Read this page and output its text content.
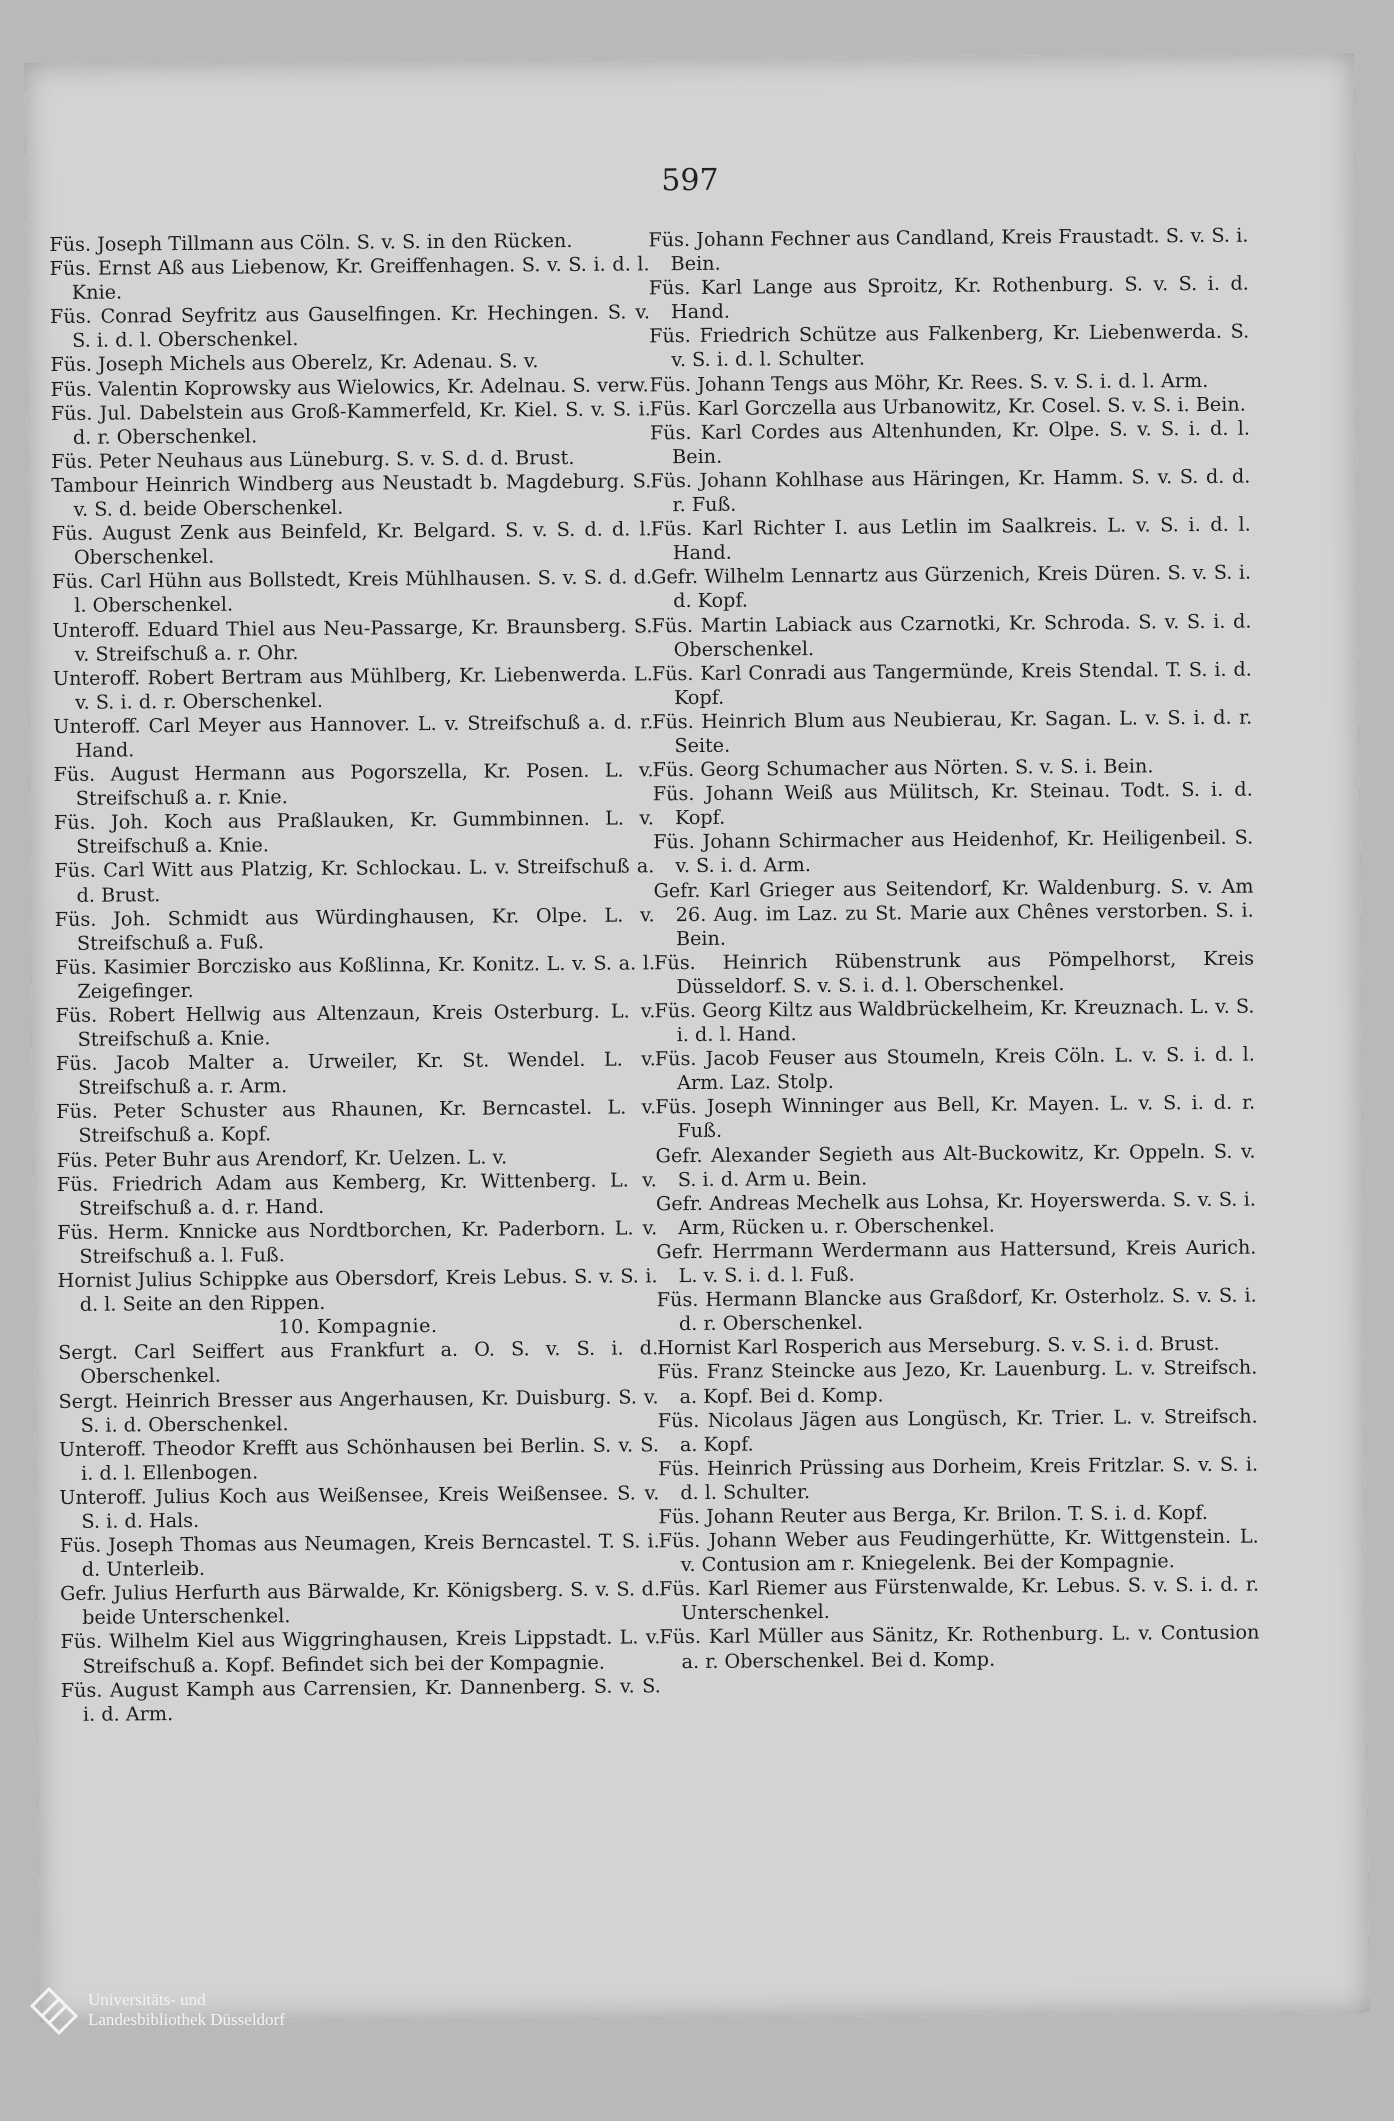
597

Füs. Joseph Tillmann aus Cöln. S. v. S. in den Rücken.

Füs. Ernst Aß aus Liebenow, Kr. Greiffenhagen. S. v. S. i. d. l. Knie.

Füs. Conrad Seyfritz aus Gauselfingen. Kr. Hechingen. S. v. S. i. d. l. Oberschenkel.

Füs. Joseph Michels aus Oberelz, Kr. Adenau. S. v.

Füs. Valentin Koprowsky aus Wielowics, Kr. Adelnau. S. verw.

Füs. Jul. Dabelstein aus Groß-Kammerfeld, Kr. Kiel. S. v. S. i. d. r. Oberschenkel.

Füs. Peter Neuhaus aus Lüneburg. S. v. S. d. d. Brust.

Tambour Heinrich Windberg aus Neustadt b. Magdeburg. S. v. S. d. beide Oberschenkel.

Füs. August Zenk aus Beinfeld, Kr. Belgard. S. v. S. d. d. l. Oberschenkel.

Füs. Carl Hühn aus Bollstedt, Kreis Mühlhausen. S. v. S. d. d. l. Oberschenkel.

Unteroff. Eduard Thiel aus Neu-Passarge, Kr. Braunsberg. S. v. Streifschuß a. r. Ohr.

Unteroff. Robert Bertram aus Mühlberg, Kr. Liebenwerda. L. v. S. i. d. r. Oberschenkel.

Unteroff. Carl Meyer aus Hannover. L. v. Streifschuß a. d. r. Hand.

Füs. August Hermann aus Pogorszella, Kr. Posen. L. v. Streifschuß a. r. Knie.

Füs. Joh. Koch aus Praßlauken, Kr. Gummbinnen. L. v. Streifschuß a. Knie.

Füs. Carl Witt aus Platzig, Kr. Schlockau. L. v. Streifschuß a. d. Brust.

Füs. Joh. Schmidt aus Würdinghausen, Kr. Olpe. L. v. Streifschuß a. Fuß.

Füs. Kasimier Borczisko aus Koßlinna, Kr. Konitz. L. v. S. a. l. Zeigefinger.

Füs. Robert Hellwig aus Altenzaun, Kreis Osterburg. L. v. Streifschuß a. Knie.

Füs. Jacob Malter a. Urweiler, Kr. St. Wendel. L. v. Streifschuß a. r. Arm.

Füs. Peter Schuster aus Rhaunen, Kr. Berncastel. L. v. Streifschuß a. Kopf.

Füs. Peter Buhr aus Arendorf, Kr. Uelzen. L. v.

Füs. Friedrich Adam aus Kemberg, Kr. Wittenberg. L. v. Streifschuß a. d. r. Hand.

Füs. Herm. Knnicke aus Nordtborchen, Kr. Paderborn. L. v. Streifschuß a. l. Fuß.

Hornist Julius Schippke aus Obersdorf, Kreis Lebus. S. v. S. i. d. l. Seite an den Rippen.

10. Kompagnie.

Sergt. Carl Seiffert aus Frankfurt a. O. S. v. S. i. d. Oberschenkel.

Sergt. Heinrich Bresser aus Angerhausen, Kr. Duisburg. S. v. S. i. d. Oberschenkel.

Unteroff. Theodor Krefft aus Schönhausen bei Berlin. S. v. S. i. d. l. Ellenbogen.

Unteroff. Julius Koch aus Weißensee, Kreis Weißensee. S. v. S. i. d. Hals.

Füs. Joseph Thomas aus Neumagen, Kreis Berncastel. T. S. i. d. Unterleib.

Gefr. Julius Herfurth aus Bärwalde, Kr. Königsberg. S. v. S. d. beide Unterschenkel.

Füs. Wilhelm Kiel aus Wiggringhausen, Kreis Lippstadt. L. v. Streifschuß a. Kopf. Befindet sich bei der Kompagnie.

Füs. August Kamph aus Carrensien, Kr. Dannenberg. S. v. S. i. d. Arm.

Füs. Johann Fechner aus Candland, Kreis Fraustadt. S. v. S. i. Bein.

Füs. Karl Lange aus Sproitz, Kr. Rothenburg. S. v. S. i. d. Hand.

Füs. Friedrich Schütze aus Falkenberg, Kr. Liebenwerda. S. v. S. i. d. l. Schulter.

Füs. Johann Tengs aus Möhr, Kr. Rees. S. v. S. i. d. l. Arm.

Füs. Karl Gorczella aus Urbanowitz, Kr. Cosel. S. v. S. i. Bein.

Füs. Karl Cordes aus Altenhunden, Kr. Olpe. S. v. S. i. d. l. Bein.

Füs. Johann Kohlhase aus Häringen, Kr. Hamm. S. v. S. d. d. r. Fuß.

Füs. Karl Richter I. aus Letlin im Saalkreis. L. v. S. i. d. l. Hand.

Gefr. Wilhelm Lennartz aus Gürzenich, Kreis Düren. S. v. S. i. d. Kopf.

Füs. Martin Labiack aus Czarnotki, Kr. Schroda. S. v. S. i. d. Oberschenkel.

Füs. Karl Conradi aus Tangermünde, Kreis Stendal. T. S. i. d. Kopf.

Füs. Heinrich Blum aus Neubierau, Kr. Sagan. L. v. S. i. d. r. Seite.

Füs. Georg Schumacher aus Nörten. S. v. S. i. Bein.

Füs. Johann Weiß aus Mülitsch, Kr. Steinau. Todt. S. i. d. Kopf.

Füs. Johann Schirmacher aus Heidenhof, Kr. Heiligenbeil. S. v. S. i. d. Arm.

Gefr. Karl Grieger aus Seitendorf, Kr. Waldenburg. S. v. Am 26. Aug. im Laz. zu St. Marie aux Chênes verstorben. S. i. Bein.

Füs. Heinrich Rübenstrunk aus Pömpelhorst, Kreis Düsseldorf. S. v. S. i. d. l. Oberschenkel.

Füs. Georg Kiltz aus Waldbrückelheim, Kr. Kreuznach. L. v. S. i. d. l. Hand.

Füs. Jacob Feuser aus Stoumeln, Kreis Cöln. L. v. S. i. d. l. Arm. Laz. Stolp.

Füs. Joseph Winninger aus Bell, Kr. Mayen. L. v. S. i. d. r. Fuß.

Gefr. Alexander Segieth aus Alt-Buckowitz, Kr. Oppeln. S. v. S. i. d. Arm u. Bein.

Gefr. Andreas Mechelk aus Lohsa, Kr. Hoyerswerda. S. v. S. i. Arm, Rücken u. r. Oberschenkel.

Gefr. Herrmann Werdermann aus Hattersund, Kreis Aurich. L. v. S. i. d. l. Fuß.

Füs. Hermann Blancke aus Graßdorf, Kr. Osterholz. S. v. S. i. d. r. Oberschenkel.

Hornist Karl Rosperich aus Merseburg. S. v. S. i. d. Brust.

Füs. Franz Steincke aus Jezo, Kr. Lauenburg. L. v. Streifsch. a. Kopf. Bei d. Komp.

Füs. Nicolaus Jägen aus Longüsch, Kr. Trier. L. v. Streifsch. a. Kopf.

Füs. Heinrich Prüssing aus Dorheim, Kreis Fritzlar. S. v. S. i. d. l. Schulter.

Füs. Johann Reuter aus Berga, Kr. Brilon. T. S. i. d. Kopf.

Füs. Johann Weber aus Feudingerhütte, Kr. Wittgenstein. L. v. Contusion am r. Kniegelenk. Bei der Kompagnie.

Füs. Karl Riemer aus Fürstenwalde, Kr. Lebus. S. v. S. i. d. r. Unterschenkel.

Füs. Karl Müller aus Sänitz, Kr. Rothenburg. L. v. Contusion a. r. Oberschenkel. Bei d. Komp.

Universitäts- und
Landesbibliothek Düsseldorf
